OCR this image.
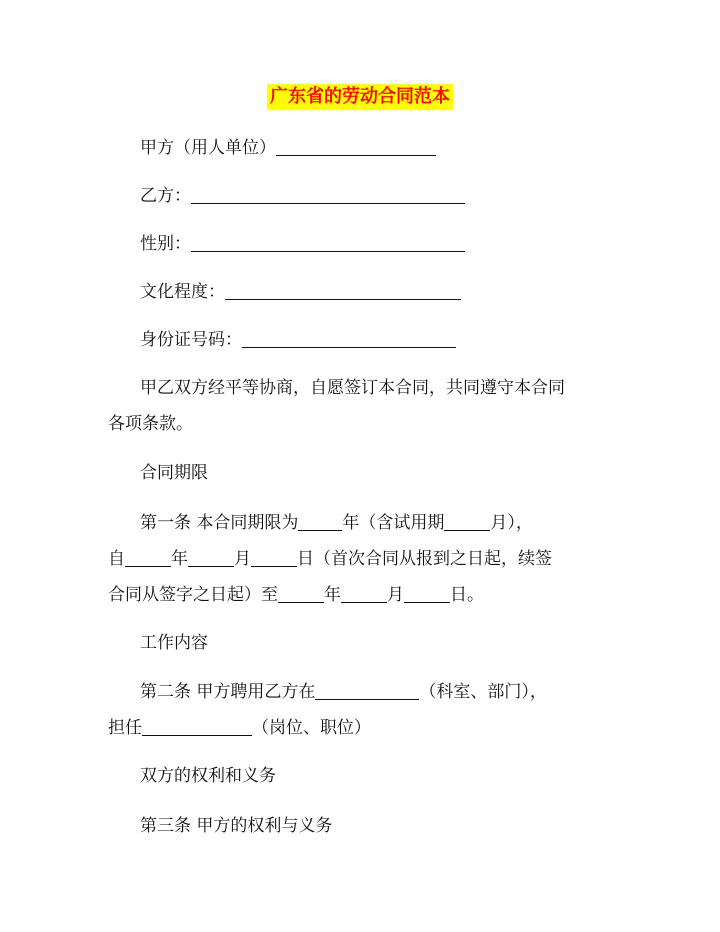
广东省的劳动合同范本
甲方（用人单位）
乙方：
性别：
文化程度：
身份证号码：
甲乙双方经平等协商，自愿签订本合同，共同遵守本合同
各项条款。
合同期限
第一条 本合同期限为	年（含试用期	月），
自	年	月	日（首次合同从报到之日起，续签
合同从签字之日起）至	年	月	日。
工作内容
第二条 甲方聘用乙方在	（科室、部门），
担任	（岗位、职位）
双方的权利和义务
第三条 甲方的权利与义务
